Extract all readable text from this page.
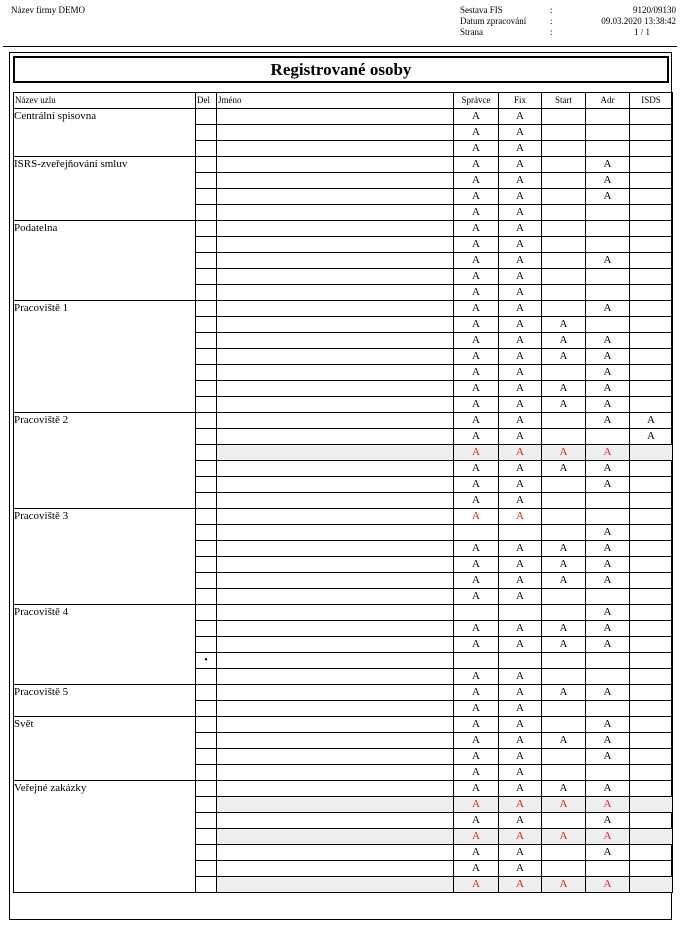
Název firmy DEMO	Sestava FIS	:	9120/09130
Datum zpracování	:	09.03.2020 13:38:42
Strana	:	1 / 1
Registrované osoby
Název uzlu	Del	Jméno	Správce	Fix	Start	Adr	ISDS
Centrální spisovna			A	A			
			A	A			
			A	A			
ISRS-zveřejňování smluv			A	A		A	
			A	A		A	
			A	A		A	
			A	A			
Podatelna			A	A			
			A	A			
			A	A		A	
			A	A			
			A	A			
Pracoviště 1			A	A		A	
			A	A	A		
			A	A	A	A	
			A	A	A	A	
			A	A		A	
			A	A	A	A	
			A	A	A	A	
Pracoviště 2			A	A		A	A
			A	A			A
			A	A	A	A	
			A	A	A	A	
			A	A		A	
			A	A			
Pracoviště 3			A	A			
						A	
			A	A	A	A	
			A	A	A	A	
			A	A	A	A	
			A	A			
Pracoviště 4						A	
			A	A	A	A	
			A	A	A	A	
	•						
			A	A			
Pracoviště 5			A	A	A	A	
			A	A			
Svět			A	A		A	
			A	A	A	A	
			A	A		A	
			A	A			
Veřejné zakázky			A	A	A	A	
			A	A	A	A	
			A	A		A	
			A	A	A	A	
			A	A		A	
			A	A			
			A	A	A	A	
